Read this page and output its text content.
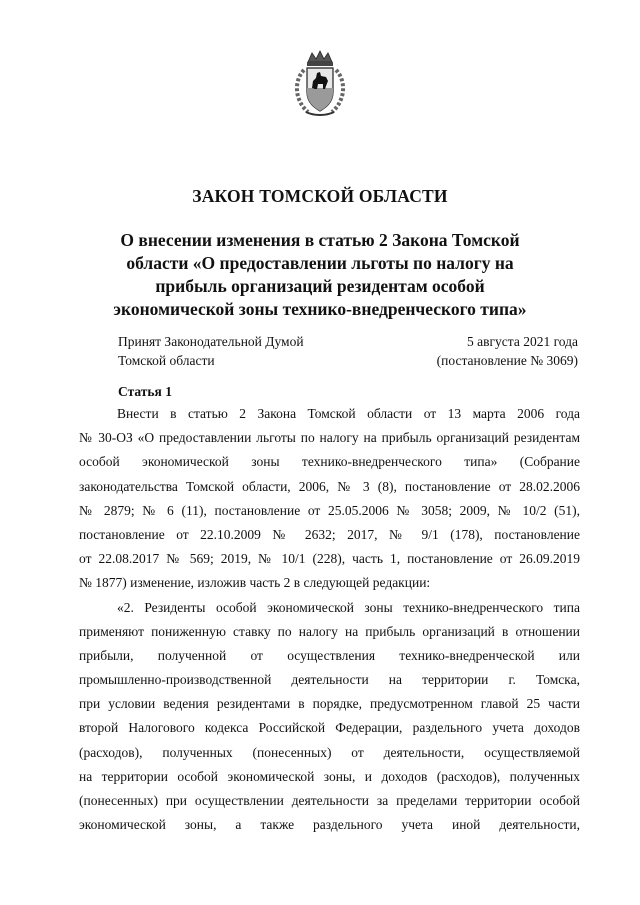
ЗАКОН ТОМСКОЙ ОБЛАСТИ
О внесении изменения в статью 2 Закона Томской
области «О предоставлении льготы по налогу на
прибыль организаций резидентам особой
экономической зоны технико-внедренческого типа»
Принят Законодательной Думой
Томской области
5 августа 2021 года
(постановление № 3069)
Статья 1
Внести в статью 2 Закона Томской области от 13 марта 2006 года
№ 30-ОЗ «О предоставлении льготы по налогу на прибыль организаций резидентам
особой экономической зоны технико-внедренческого типа» (Собрание
законодательства Томской области, 2006, № 3 (8), постановление от 28.02.2006
№ 2879; № 6 (11), постановление от 25.05.2006 № 3058; 2009, № 10/2 (51),
постановление от 22.10.2009 № 2632; 2017, № 9/1 (178), постановление
от 22.08.2017 № 569; 2019, № 10/1 (228), часть 1, постановление от 26.09.2019
№ 1877) изменение, изложив часть 2 в следующей редакции:
«2. Резиденты особой экономической зоны технико-внедренческого типа
применяют пониженную ставку по налогу на прибыль организаций в отношении
прибыли, полученной от осуществления технико-внедренческой или
промышленно-производственной деятельности на территории г. Томска,
при условии ведения резидентами в порядке, предусмотренном главой 25 части
второй Налогового кодекса Российской Федерации, раздельного учета доходов
(расходов), полученных (понесенных) от деятельности, осуществляемой
на территории особой экономической зоны, и доходов (расходов), полученных
(понесенных) при осуществлении деятельности за пределами территории особой
экономической зоны, а также раздельного учета иной деятельности,
